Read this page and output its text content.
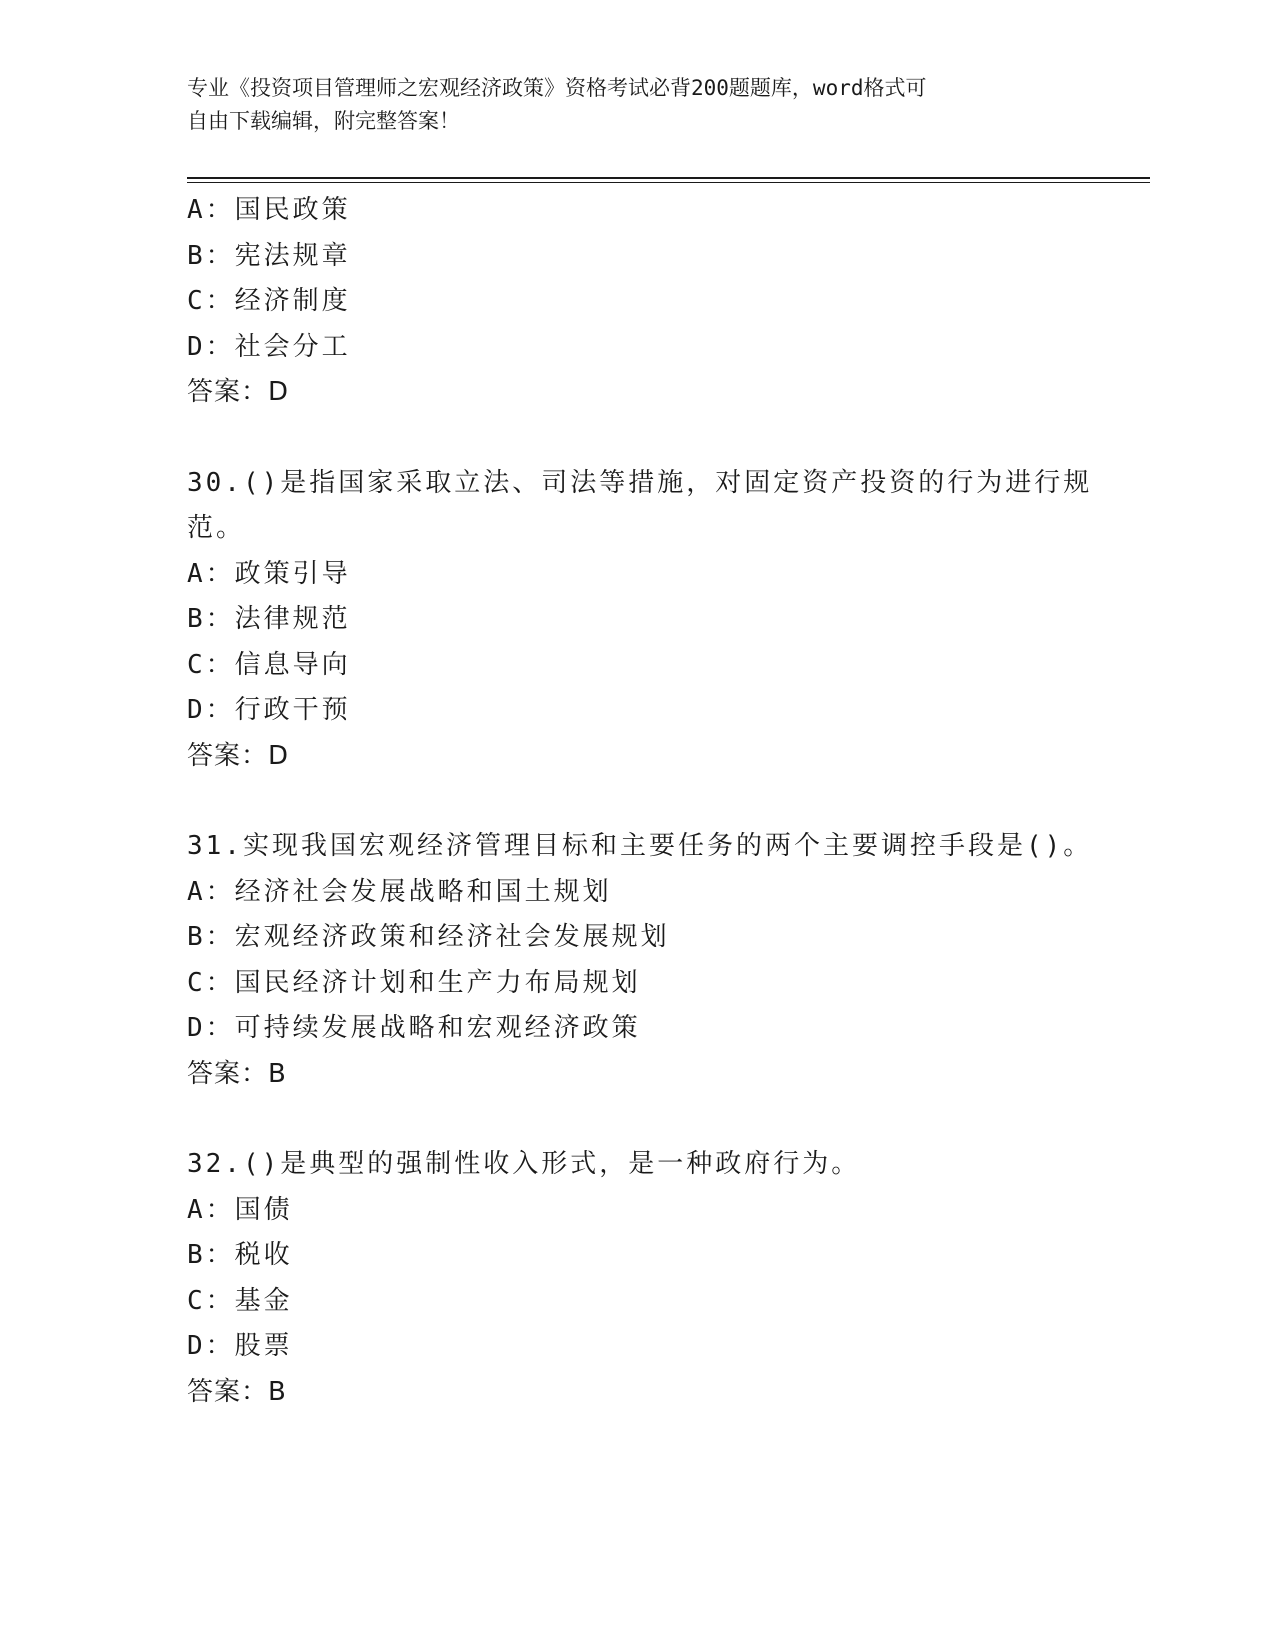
专业《投资项目管理师之宏观经济政策》资格考试必背200题题库，word格式可
自由下载编辑，附完整答案！
A：国民政策
B：宪法规章
C：经济制度
D：社会分工
答案：D
30.()是指国家采取立法、司法等措施，对固定资产投资的行为进行规
范。
A：政策引导
B：法律规范
C：信息导向
D：行政干预
答案：D
31.实现我国宏观经济管理目标和主要任务的两个主要调控手段是()。
A：经济社会发展战略和国土规划
B：宏观经济政策和经济社会发展规划
C：国民经济计划和生产力布局规划
D：可持续发展战略和宏观经济政策
答案：B
32.()是典型的强制性收入形式，是一种政府行为。
A：国债
B：税收
C：基金
D：股票
答案：B
